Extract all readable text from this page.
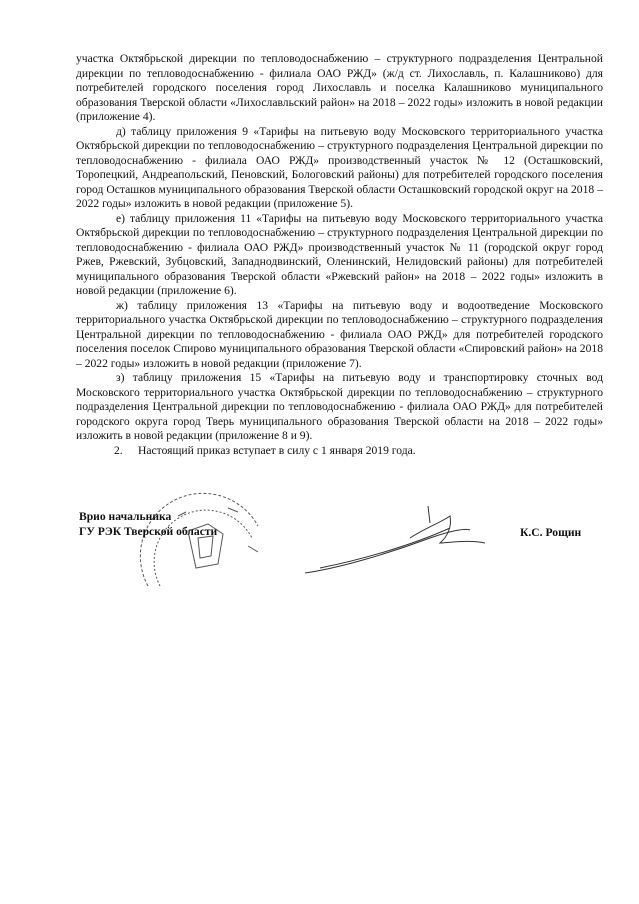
участка Октябрьской дирекции по тепловодоснабжению – структурного подразделения Центральной дирекции по тепловодоснабжению - филиала ОАО РЖД» (ж/д ст. Лихославль, п. Калашниково) для потребителей городского поселения город Лихославль и поселка Калашниково муниципального образования Тверской области «Лихославльский район» на 2018 – 2022 годы» изложить в новой редакции (приложение 4).

д) таблицу приложения 9 «Тарифы на питьевую воду Московского территориального участка Октябрьской дирекции по тепловодоснабжению – структурного подразделения Центральной дирекции по тепловодоснабжению - филиала ОАО РЖД» производственный участок № 12 (Осташковский, Торопецкий, Андреапольский, Пеновский, Бологовский районы) для потребителей городского поселения город Осташков муниципального образования Тверской области Осташковский городской округ на 2018 – 2022 годы» изложить в новой редакции (приложение 5).

е) таблицу приложения 11 «Тарифы на питьевую воду Московского территориального участка Октябрьской дирекции по тепловодоснабжению – структурного подразделения Центральной дирекции по тепловодоснабжению - филиала ОАО РЖД» производственный участок № 11 (городской округ город Ржев, Ржевский, Зубцовский, Западнодвинский, Оленинский, Нелидовский районы) для потребителей муниципального образования Тверской области «Ржевский район» на 2018 – 2022 годы» изложить в новой редакции (приложение 6).

ж) таблицу приложения 13 «Тарифы на питьевую воду и водоотведение Московского территориального участка Октябрьской дирекции по тепловодоснабжению – структурного подразделения Центральной дирекции по тепловодоснабжению - филиала ОАО РЖД» для потребителей городского поселения поселок Спирово муниципального образования Тверской области «Спировский район» на 2018 – 2022 годы» изложить в новой редакции (приложение 7).

з) таблицу приложения 15 «Тарифы на питьевую воду и транспортировку сточных вод Московского территориального участка Октябрьской дирекции по тепловодоснабжению – структурного подразделения Центральной дирекции по тепловодоснабжению - филиала ОАО РЖД» для потребителей городского округа город Тверь муниципального образования Тверской области на 2018 – 2022 годы» изложить в новой редакции (приложение 8 и 9).

2. Настоящий приказ вступает в силу с 1 января 2019 года.

Врио начальника
ГУ РЭК Тверской области	К.С. Рощин
